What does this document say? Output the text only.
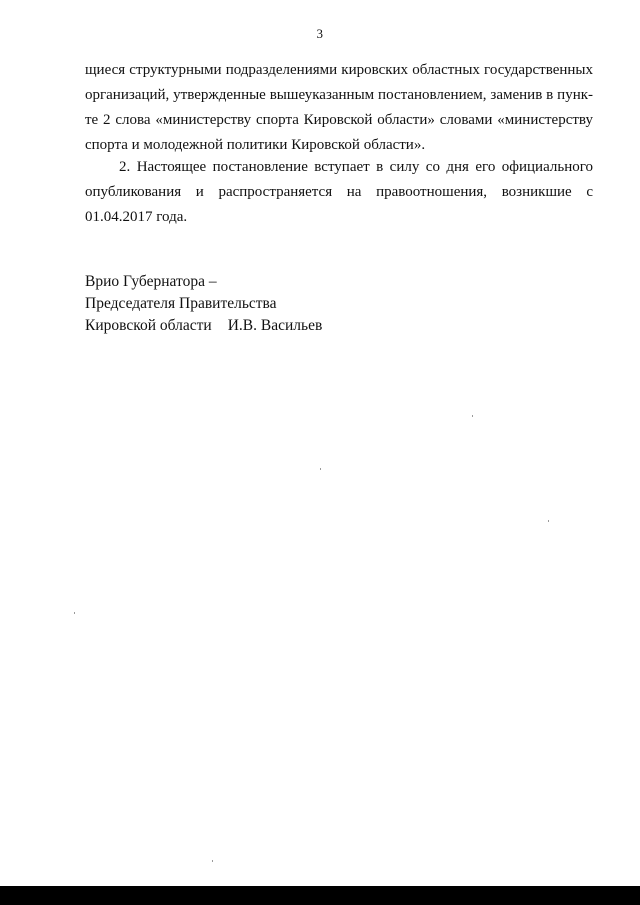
3
щиеся структурными подразделениями кировских областных государственных
организаций, утвержденные вышеуказанным постановлением, заменив в пунк-
те 2 слова «министерству спорта Кировской области» словами «министерству
спорта и молодежной политики Кировской области».
2. Настоящее постановление вступает в силу со дня его официального
опубликования и распространяется на правоотношения, возникшие с
01.04.2017 года.
Врио Губернатора –
Председателя Правительства
Кировской области И.В. Васильев
